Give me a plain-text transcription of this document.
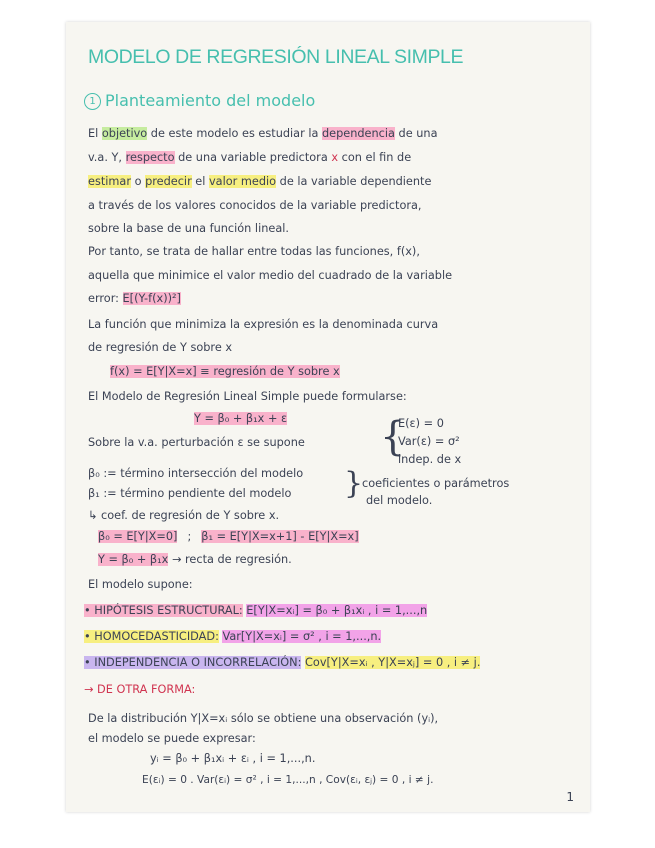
MODELO DE REGRESIÓN LINEAL SIMPLE
1 Planteamiento del modelo
El objetivo de este modelo es estudiar la dependencia de una
v.a. Y, respecto de una variable predictora x con el fin de
estimar o predecir el valor medio de la variable dependiente
a través de los valores conocidos de la variable predictora,
sobre la base de una función lineal.
Por tanto, se trata de hallar entre todas las funciones, f(x),
aquella que minimice el valor medio del cuadrado de la variable
error: E[(Y-f(x))²]
La función que minimiza la expresión es la denominada curva
de regresión de Y sobre x
f(x) = E[Y|X=x] ≡ regresión de Y sobre x
El Modelo de Regresión Lineal Simple puede formularse:
Y = β₀ + β₁x + ε
Sobre la v.a. perturbación ε se supone {
E(ε) = 0
Var(ε) = σ²
indep. de x
β₀ := término intersección del modelo
β₁ := término pendiente del modelo }
coeficientes o parámetros
del modelo.
↳ coef. de regresión de Y sobre x.
β₀ = E[Y|X=0] ; β₁ = E[Y|X=x+1] - E[Y|X=x]
Y = β₀ + β₁x → recta de regresión.
El modelo supone:
• HIPÓTESIS ESTRUCTURAL: E[Y|X=xᵢ] = β₀ + β₁xᵢ , i = 1,...,n
• HOMOCEDASTICIDAD: Var[Y|X=xᵢ] = σ² , i = 1,...,n.
• INDEPENDENCIA O INCORRELACIÓN: Cov[Y|X=xᵢ , Y|X=xⱼ] = 0 , i ≠ j.
→ DE OTRA FORMA:
De la distribución Y|X=xᵢ sólo se obtiene una observación (yᵢ),
el modelo se puede expresar:
yᵢ = β₀ + β₁xᵢ + εᵢ , i = 1,...,n.
E(εᵢ) = 0 . Var(εᵢ) = σ² , i = 1,...,n , Cov(εᵢ, εⱼ) = 0 , i ≠ j.
1
